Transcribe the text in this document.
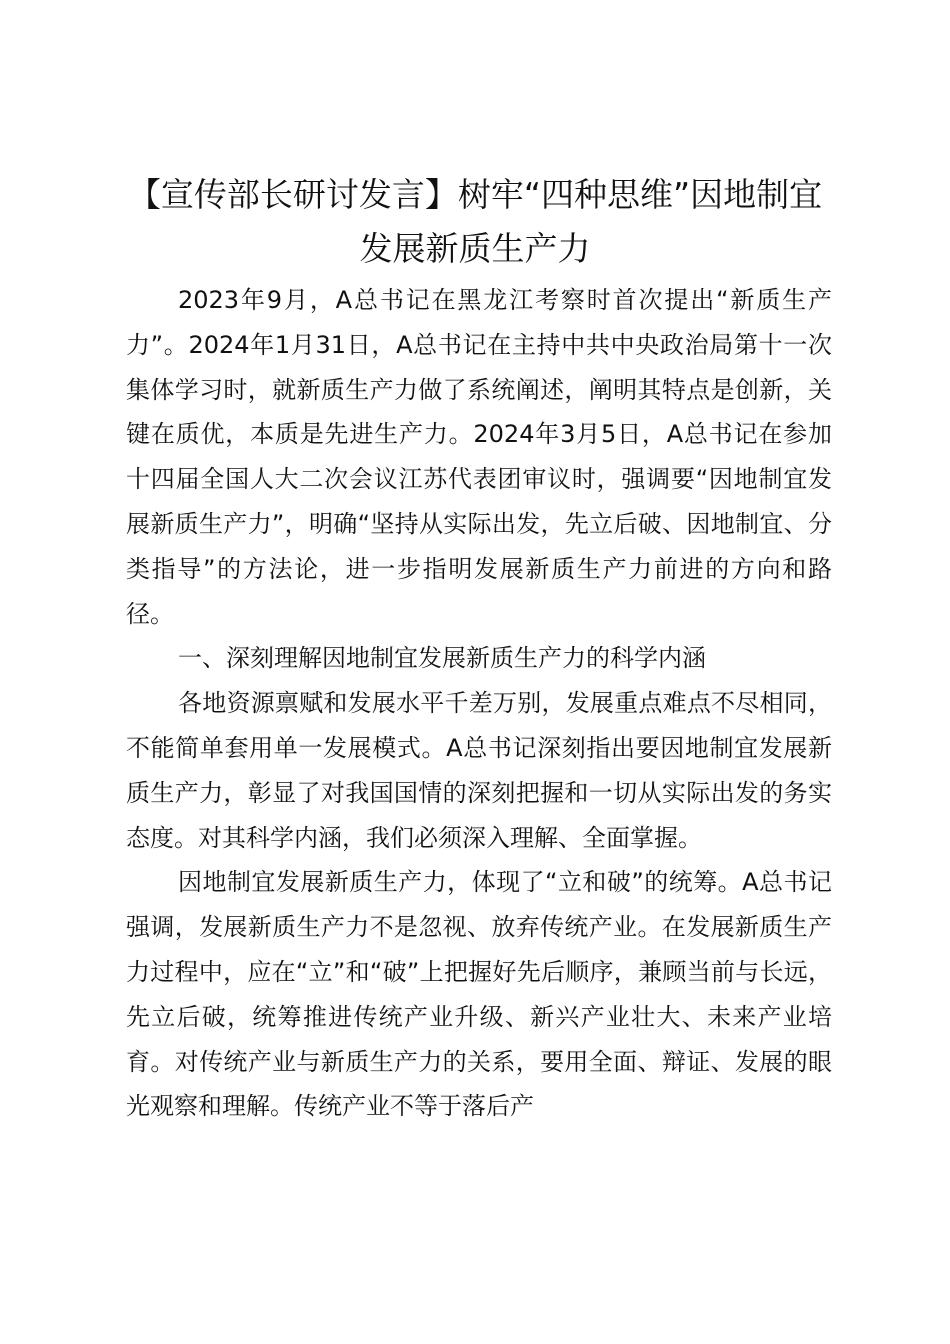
【宣传部长研讨发言】树牢“四种思维”因地制宜发展新质生产力

2023年9月，A总书记在黑龙江考察时首次提出“新质生产力”。2024年1月31日，A总书记在主持中共中央政治局第十一次集体学习时，就新质生产力做了系统阐述，阐明其特点是创新，关键在质优，本质是先进生产力。2024年3月5日，A总书记在参加十四届全国人大二次会议江苏代表团审议时，强调要“因地制宜发展新质生产力”，明确“坚持从实际出发，先立后破、因地制宜、分类指导”的方法论，进一步指明发展新质生产力前进的方向和路径。

一、深刻理解因地制宜发展新质生产力的科学内涵

各地资源禀赋和发展水平千差万别，发展重点难点不尽相同，不能简单套用单一发展模式。A总书记深刻指出要因地制宜发展新质生产力，彰显了对我国国情的深刻把握和一切从实际出发的务实态度。对其科学内涵，我们必须深入理解、全面掌握。

因地制宜发展新质生产力，体现了“立和破”的统筹。A总书记强调，发展新质生产力不是忽视、放弃传统产业。在发展新质生产力过程中，应在“立”和“破”上把握好先后顺序，兼顾当前与长远，先立后破，统筹推进传统产业升级、新兴产业壮大、未来产业培育。对传统产业与新质生产力的关系，要用全面、辩证、发展的眼光观察和理解。传统产业不等于落后产
